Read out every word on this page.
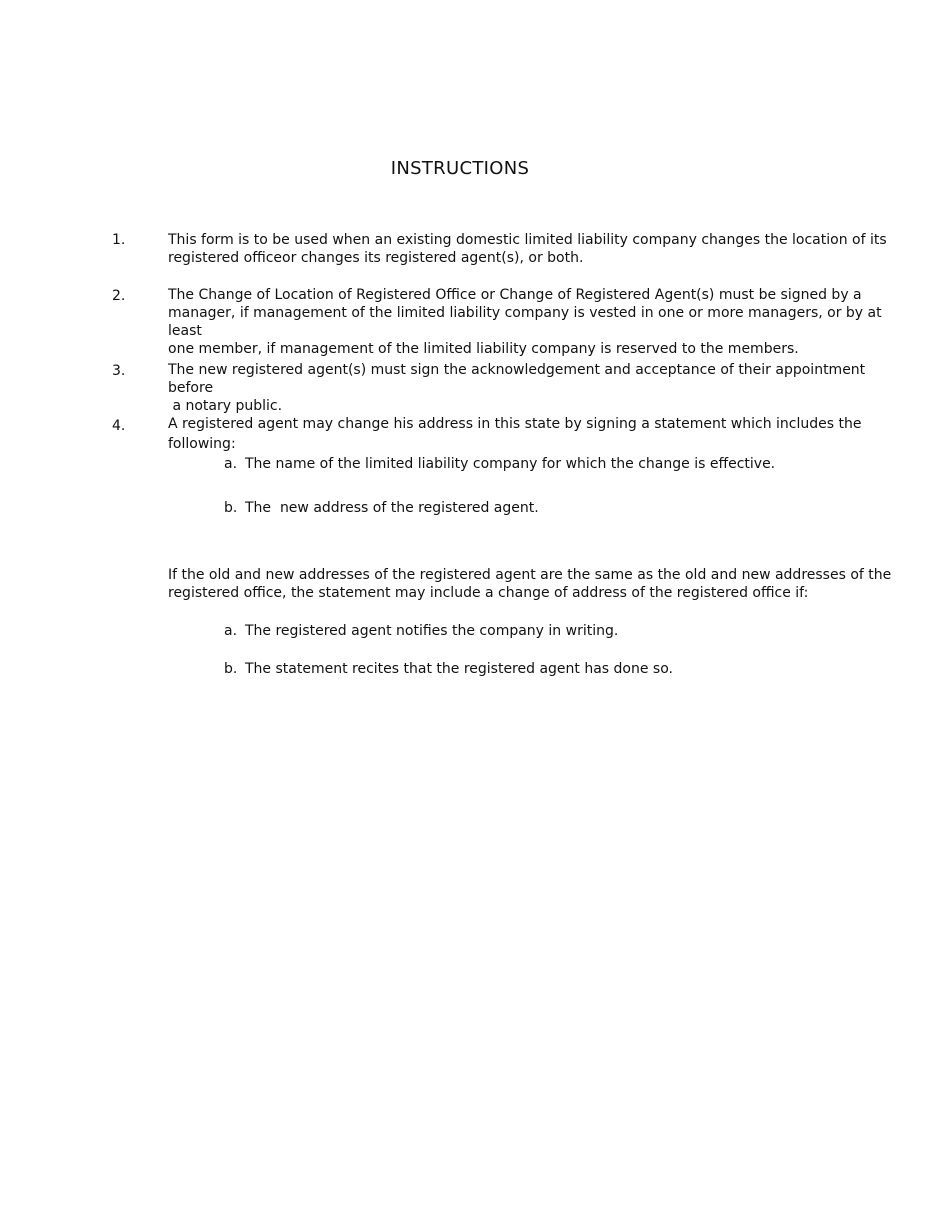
INSTRUCTIONS
1.	This form is to be used when an existing domestic limited liability company changes the location of its
registered officeor changes its registered agent(s), or both.
2.	The Change of Location of Registered Office or Change of Registered Agent(s) must be signed by a
manager, if management of the limited liability company is vested in one or more managers, or by at least
one member, if management of the limited liability company is reserved to the members.
3.	The new registered agent(s) must sign the acknowledgement and acceptance of their appointment before
a notary public.
4.	A registered agent may change his address in this state by signing a statement which includes the
following:
a. The name of the limited liability company for which the change is effective.
b. The  new address of the registered agent.
If the old and new addresses of the registered agent are the same as the old and new addresses of the
registered office, the statement may include a change of address of the registered office if:
a. The registered agent notifies the company in writing.
b. The statement recites that the registered agent has done so.
